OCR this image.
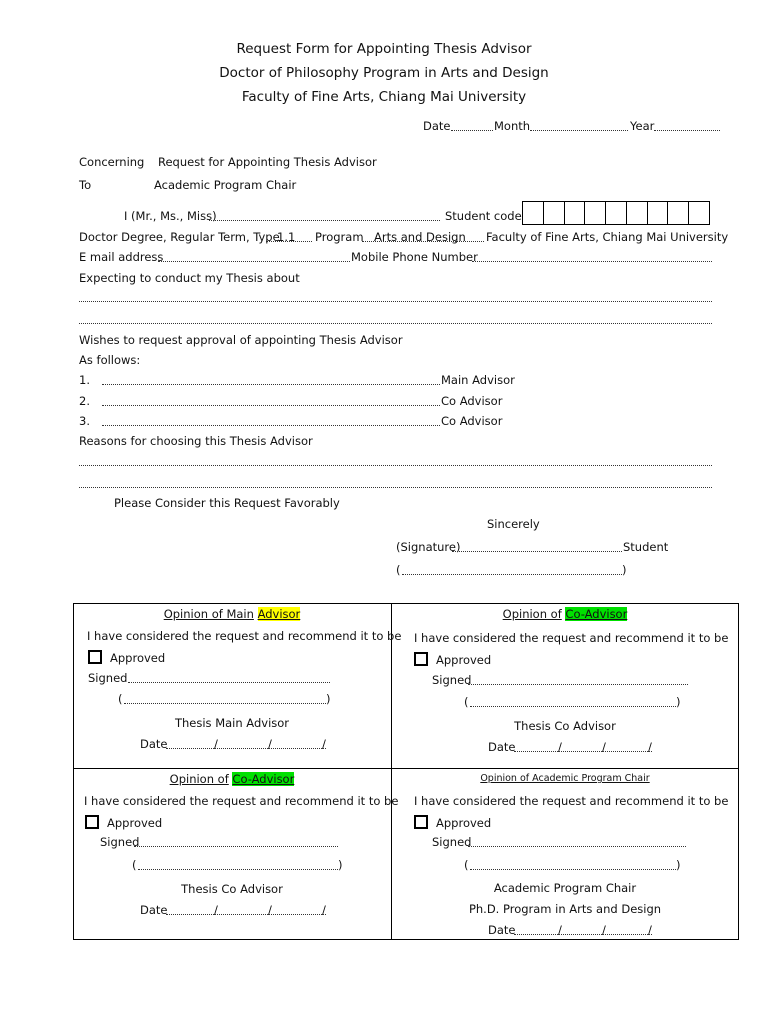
Request Form for Appointing Thesis Advisor
Doctor of Philosophy Program in Arts and Design
Faculty of Fine Arts, Chiang Mai University
Date	Month	Year
Concerning Request for Appointing Thesis Advisor
To	Academic Program Chair
I (Mr., Ms., Miss)	Student code
Doctor Degree, Regular Term, Type
1.1 Program Arts and Design Faculty of Fine Arts, Chiang Mai University
E mail address	Mobile Phone Number
Expecting to conduct my Thesis about
Wishes to request approval of appointing Thesis Advisor
As follows:
1.	Main Advisor
2.	Co Advisor
3.	Co Advisor
Reasons for choosing this Thesis Advisor
Please Consider this Request Favorably
Sincerely
(Signature)	Student
(	)
Opinion of Main Advisor
I have considered the request and recommend it to be
Approved
Signed
(	)
Thesis Main Advisor
Date	/	/	/
Opinion of Co-Advisor
I have considered the request and recommend it to be
Approved
Signed
(	)
Thesis Co Advisor
Date	/	/	/
Opinion of Co-Advisor
I have considered the request and recommend it to be
Approved
Signed
(	)
Thesis Co Advisor
Date	/	/	/
Opinion of Academic Program Chair
I have considered the request and recommend it to be
Approved
Signed
(	)
Academic Program Chair
Ph.D. Program in Arts and Design
Date	/	/	/
